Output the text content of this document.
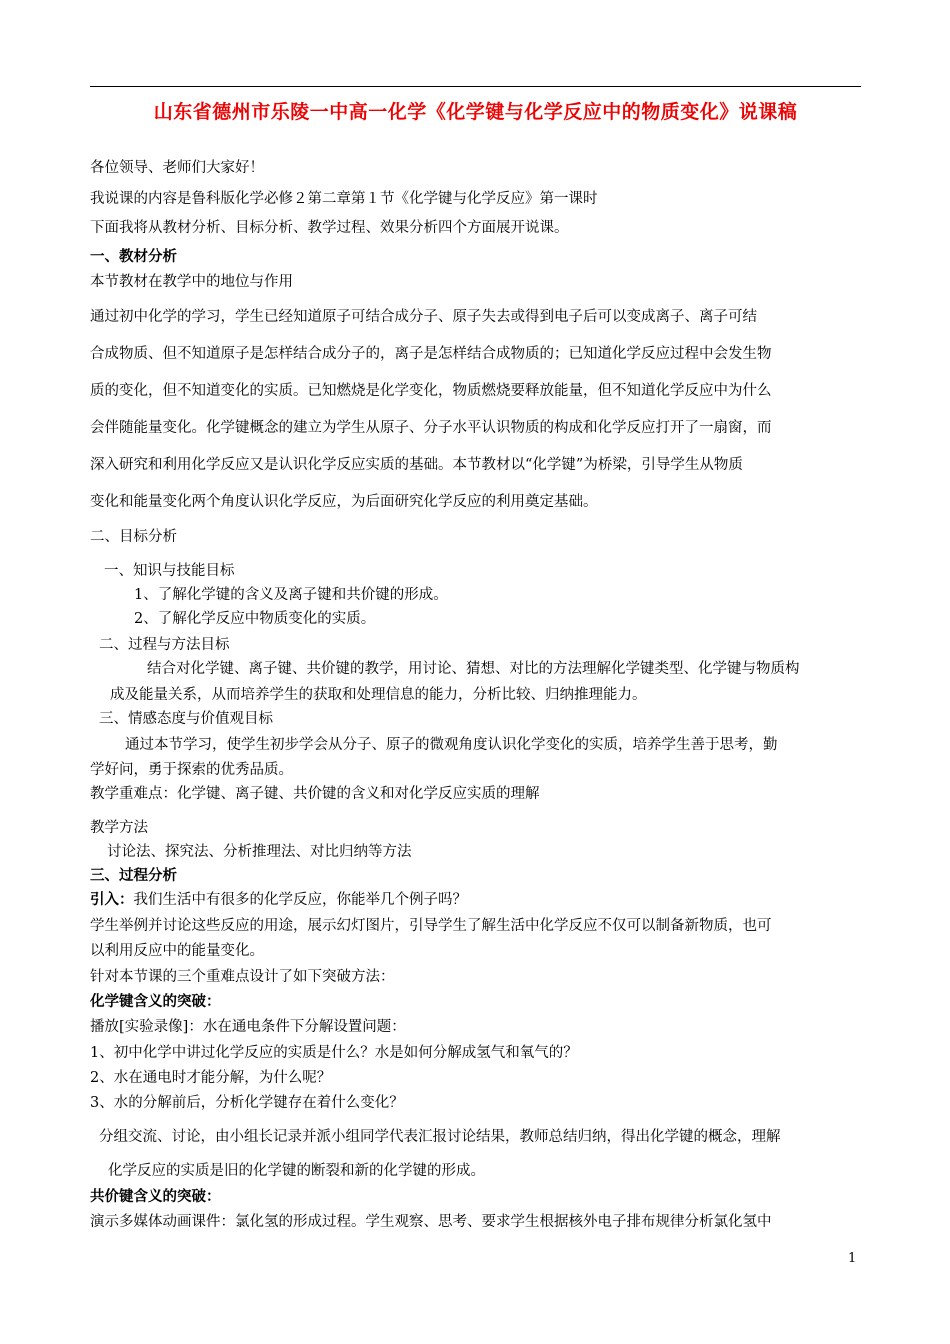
山东省德州市乐陵一中高一化学《化学键与化学反应中的物质变化》说课稿
各位领导、老师们大家好！
我说课的内容是鲁科版化学必修２第二章第１节《化学键与化学反应》第一课时
下面我将从教材分析、目标分析、教学过程、效果分析四个方面展开说课。
一、教材分析
本节教材在教学中的地位与作用
通过初中化学的学习，学生已经知道原子可结合成分子、原子失去或得到电子后可以变成离子、离子可结
合成物质、但不知道原子是怎样结合成分子的，离子是怎样结合成物质的；已知道化学反应过程中会发生物
质的变化，但不知道变化的实质。已知燃烧是化学变化，物质燃烧要释放能量，但不知道化学反应中为什么
会伴随能量变化。化学键概念的建立为学生从原子、分子水平认识物质的构成和化学反应打开了一扇窗，而
深入研究和利用化学反应又是认识化学反应实质的基础。本节教材以“化学键”为桥梁，引导学生从物质
变化和能量变化两个角度认识化学反应，为后面研究化学反应的利用奠定基础。
二、目标分析
一、知识与技能目标
1、了解化学键的含义及离子键和共价键的形成。
2、了解化学反应中物质变化的实质。
二、过程与方法目标
结合对化学键、离子键、共价键的教学，用讨论、猜想、对比的方法理解化学键类型、化学键与物质构
成及能量关系，从而培养学生的获取和处理信息的能力，分析比较、归纳推理能力。
三、情感态度与价值观目标
通过本节学习，使学生初步学会从分子、原子的微观角度认识化学变化的实质，培养学生善于思考，勤
学好问，勇于探索的优秀品质。
教学重难点：化学键、离子键、共价键的含义和对化学反应实质的理解
教学方法
讨论法、探究法、分析推理法、对比归纳等方法
三、过程分析
引入：我们生活中有很多的化学反应，你能举几个例子吗？
学生举例并讨论这些反应的用途，展示幻灯图片，引导学生了解生活中化学反应不仅可以制备新物质，也可
以利用反应中的能量变化。
针对本节课的三个重难点设计了如下突破方法：
化学键含义的突破：
播放[实验录像]：水在通电条件下分解设置问题：
1、初中化学中讲过化学反应的实质是什么？水是如何分解成氢气和氧气的？
2、水在通电时才能分解，为什么呢？
3、水的分解前后，分析化学键存在着什么变化？
分组交流、讨论，由小组长记录并派小组同学代表汇报讨论结果，教师总结归纳，得出化学键的概念，理解
化学反应的实质是旧的化学键的断裂和新的化学键的形成。
共价键含义的突破：
演示多媒体动画课件：氯化氢的形成过程。学生观察、思考、要求学生根据核外电子排布规律分析氯化氢中
1
